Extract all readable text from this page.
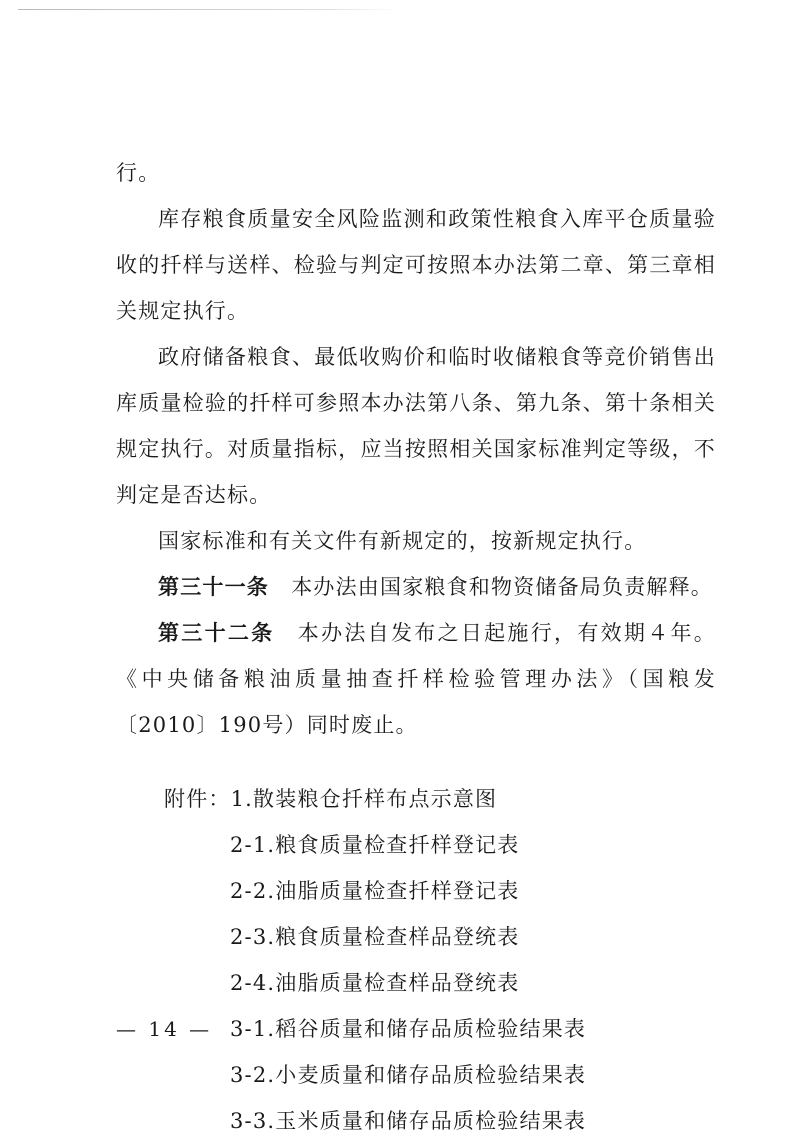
行。

库存粮食质量安全风险监测和政策性粮食入库平仓质量验收的扦样与送样、检验与判定可按照本办法第二章、第三章相关规定执行。

政府储备粮食、最低收购价和临时收储粮食等竞价销售出库质量检验的扦样可参照本办法第八条、第九条、第十条相关规定执行。对质量指标，应当按照相关国家标准判定等级，不判定是否达标。

国家标准和有关文件有新规定的，按新规定执行。

第三十一条　本办法由国家粮食和物资储备局负责解释。

第三十二条　本办法自发布之日起施行，有效期４年。《中央储备粮油质量抽查扦样检验管理办法》（国粮发〔2010〕190号）同时废止。

附件：1.散装粮仓扦样布点示意图
2-1.粮食质量检查扦样登记表
2-2.油脂质量检查扦样登记表
2-3.粮食质量检查样品登统表
2-4.油脂质量检查样品登统表
3-1.稻谷质量和储存品质检验结果表
3-2.小麦质量和储存品质检验结果表
3-3.玉米质量和储存品质检验结果表
— 14 —
